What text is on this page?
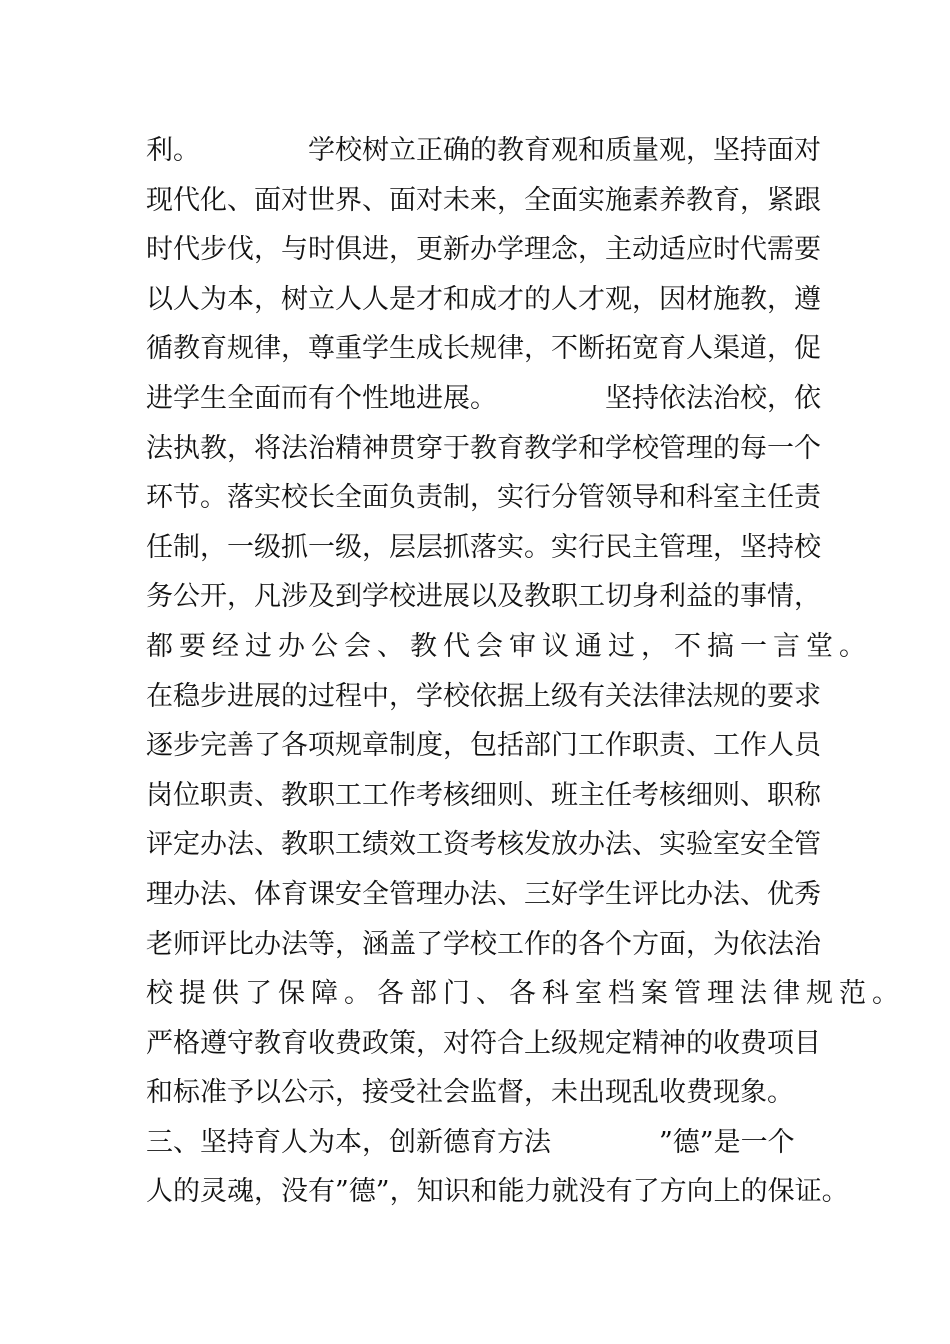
利。	学校树立正确的教育观和质量观，坚持面对
现代化、面对世界、面对未来，全面实施素养教育，紧跟
时代步伐，与时俱进，更新办学理念，主动适应时代需要
以人为本，树立人人是才和成才的人才观，因材施教，遵
循教育规律，尊重学生成长规律，不断拓宽育人渠道，促
进学生全面而有个性地进展。	坚持依法治校，依
法执教，将法治精神贯穿于教育教学和学校管理的每一个
环节。落实校长全面负责制，实行分管领导和科室主任责
任制，一级抓一级，层层抓落实。实行民主管理，坚持校
务公开，凡涉及到学校进展以及教职工切身利益的事情，
都要经过办公会、教代会审议通过，不搞一言堂。
在稳步进展的过程中，学校依据上级有关法律法规的要求
逐步完善了各项规章制度，包括部门工作职责、工作人员
岗位职责、教职工工作考核细则、班主任考核细则、职称
评定办法、教职工绩效工资考核发放办法、实验室安全管
理办法、体育课安全管理办法、三好学生评比办法、优秀
老师评比办法等，涵盖了学校工作的各个方面，为依法治
校提供了保障。各部门、各科室档案管理法律规范。
严格遵守教育收费政策，对符合上级规定精神的收费项目
和标准予以公示，接受社会监督，未出现乱收费现象。
三、坚持育人为本，创新德育方法	”德”是一个
人的灵魂，没有”德”，知识和能力就没有了方向上的保证。
